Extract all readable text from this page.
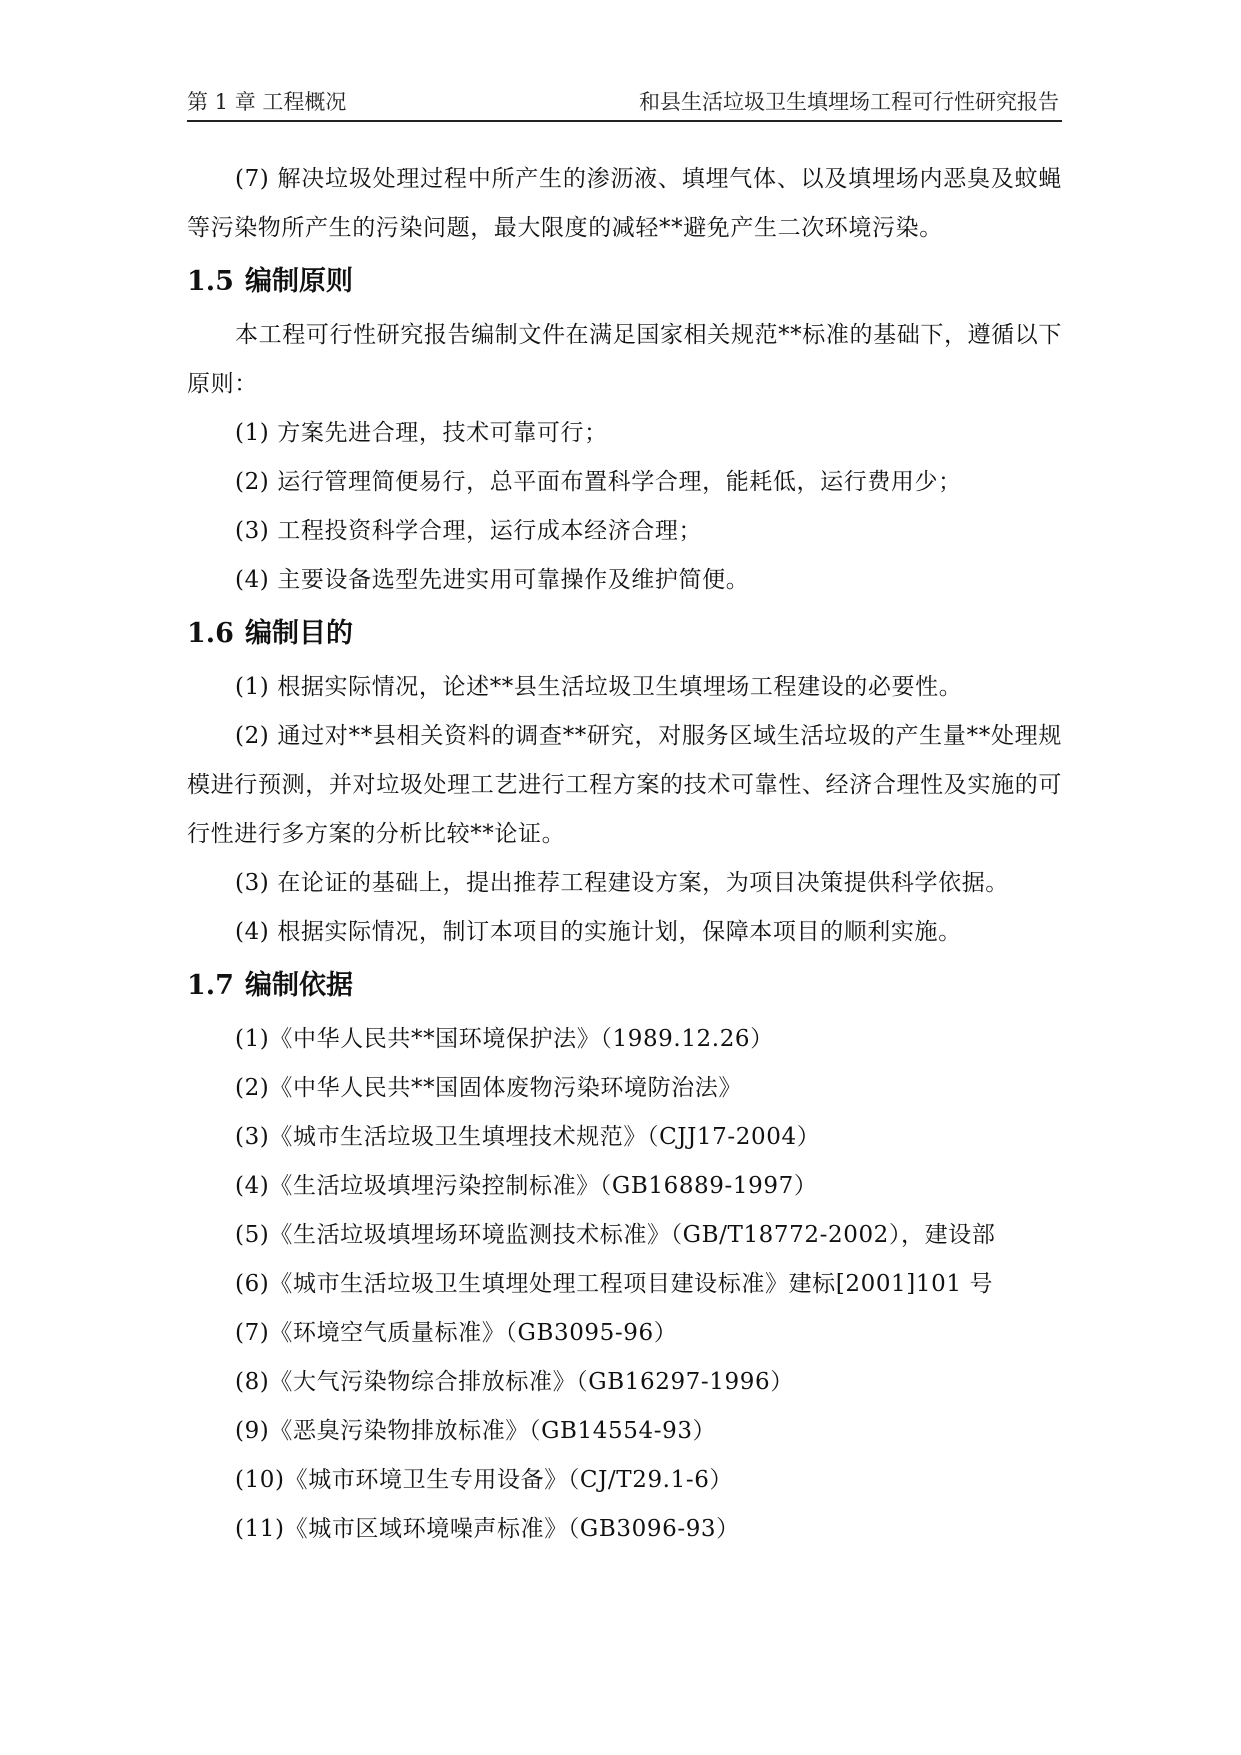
第 1 章 工程概况	和县生活垃圾卫生填埋场工程可行性研究报告

(7) 解决垃圾处理过程中所产生的渗沥液、填埋气体、以及填埋场内恶臭及蚊蝇等污染物所产生的污染问题，最大限度的减轻**避免产生二次环境污染。

1.5 编制原则

本工程可行性研究报告编制文件在满足国家相关规范**标准的基础下，遵循以下原则：

(1) 方案先进合理，技术可靠可行；
(2) 运行管理简便易行，总平面布置科学合理，能耗低，运行费用少；
(3) 工程投资科学合理，运行成本经济合理；
(4) 主要设备选型先进实用可靠操作及维护简便。
1.6 编制目的
(1) 根据实际情况，论述**县生活垃圾卫生填埋场工程建设的必要性。

(2) 通过对**县相关资料的调查**研究，对服务区域生活垃圾的产生量**处理规模进行预测，并对垃圾处理工艺进行工程方案的技术可靠性、经济合理性及实施的可行性进行多方案的分析比较**论证。

(3) 在论证的基础上，提出推荐工程建设方案，为项目决策提供科学依据。
(4) 根据实际情况，制订本项目的实施计划，保障本项目的顺利实施。
1.7 编制依据
(1)《中华人民共**国环境保护法》（1989.12.26）
(2)《中华人民共**国固体废物污染环境防治法》
(3)《城市生活垃圾卫生填埋技术规范》（CJJ17-2004）
(4)《生活垃圾填埋污染控制标准》（GB16889-1997）
(5)《生活垃圾填埋场环境监测技术标准》（GB/T18772-2002），建设部
(6)《城市生活垃圾卫生填埋处理工程项目建设标准》建标[2001]101 号
(7)《环境空气质量标准》（GB3095-96）
(8)《大气污染物综合排放标准》（GB16297-1996）
(9)《恶臭污染物排放标准》（GB14554-93）
(10)《城市环境卫生专用设备》（CJ/T29.1-6）
(11)《城市区域环境噪声标准》（GB3096-93）
